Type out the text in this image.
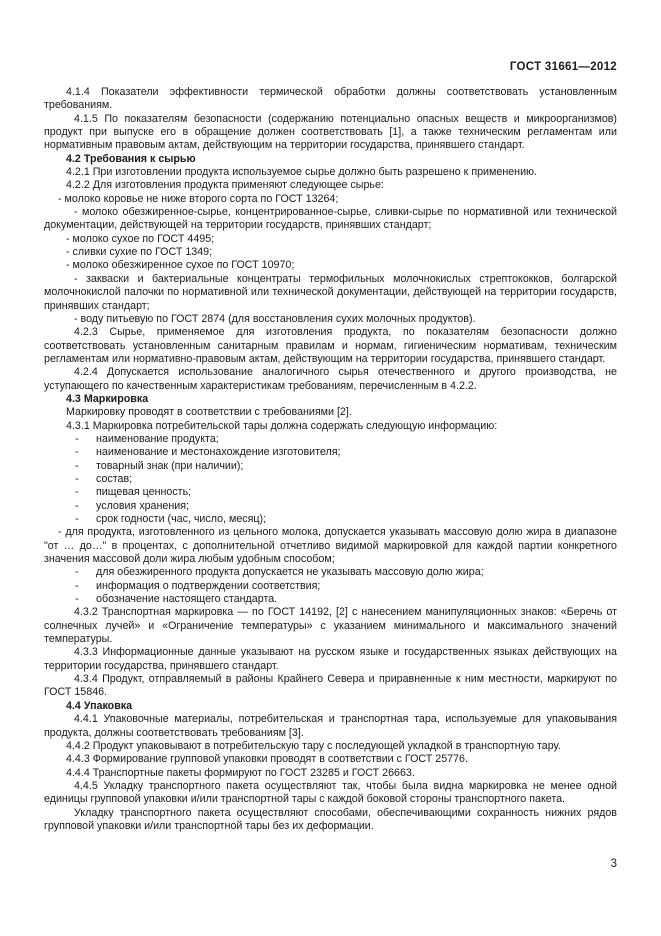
ГОСТ 31661—2012

4.1.4 Показатели эффективности термической обработки должны соответствовать установленным требованиям.

4.1.5 По показателям безопасности (содержанию потенциально опасных веществ и микроорганизмов) продукт при выпуске его в обращение должен соответствовать [1], а также техническим регламентам или нормативным правовым актам, действующим на территории государства, принявшего стандарт.

4.2 Требования к сырью

4.2.1 При изготовлении продукта используемое сырье должно быть разрешено к применению.

4.2.2 Для изготовления продукта применяют следующее сырье:

- молоко коровье не ниже второго сорта по ГОСТ 13264;

- молоко обезжиренное-сырье, концентрированное-сырье, сливки-сырье по нормативной или технической документации, действующей на территории государств, принявших стандарт;

- молоко сухое по ГОСТ 4495;

- сливки сухие по ГОСТ 1349;

- молоко обезжиренное сухое по ГОСТ 10970;

- закваски и бактериальные концентраты термофильных молочнокислых стрептококков, болгарской молочнокислой палочки по нормативной или технической документации, действующей на территории государств, принявших стандарт;

- воду питьевую по ГОСТ 2874 (для восстановления сухих молочных продуктов).

4.2.3 Сырье, применяемое для изготовления продукта, по показателям безопасности должно соответствовать установленным санитарным правилам и нормам, гигиеническим нормативам, техническим регламентам или нормативно-правовым актам, действующим на территории государства, принявшего стандарт.

4.2.4 Допускается использование аналогичного сырья отечественного и другого производства, не уступающего по качественным характеристикам требованиям, перечисленным в 4.2.2.

4.3 Маркировка

Маркировку проводят в соответствии с требованиями [2].

4.3.1 Маркировка потребительской тары должна содержать следующую информацию:

- наименование продукта;
- наименование и местонахождение изготовителя;
- товарный знак (при наличии);
- состав;
- пищевая ценность;
- условия хранения;
- срок годности (час, число, месяц);

- для продукта, изготовленного из цельного молока, допускается указывать массовую долю жира в диапазоне "от … до…" в процентах, с дополнительной отчетливо видимой маркировкой для каждой партии конкретного значения массовой доли жира любым удобным способом;

- для обезжиренного продукта допускается не указывать массовую долю жира;
- информация о подтверждении соответствия;
- обозначение настоящего стандарта.

4.3.2 Транспортная маркировка — по ГОСТ 14192, [2] с нанесением манипуляционных знаков: «Беречь от солнечных лучей» и «Ограничение температуры» с указанием минимального и максимального значений температуры.

4.3.3 Информационные данные указывают на русском языке и государственных языках действующих на территории государства, принявшего стандарт.

4.3.4 Продукт, отправляемый в районы Крайнего Севера и приравненные к ним местности, маркируют по ГОСТ 15846.

4.4 Упаковка

4.4.1 Упаковочные материалы, потребительская и транспортная тара, используемые для упаковывания продукта, должны соответствовать требованиям [3].

4.4.2 Продукт упаковывают в потребительскую тару с последующей укладкой в транспортную тару.

4.4.3 Формирование групповой упаковки проводят в соответствии с ГОСТ 25776.

4.4.4 Транспортные пакеты формируют по ГОСТ 23285 и ГОСТ 26663.

4.4.5 Укладку транспортного пакета осуществляют так, чтобы была видна маркировка не менее одной единицы групповой упаковки и/или транспортной тары с каждой боковой стороны транспортного пакета.

Укладку транспортного пакета осуществляют способами, обеспечивающими сохранность нижних рядов групповой упаковки и/или транспортной тары без их деформации.

3
